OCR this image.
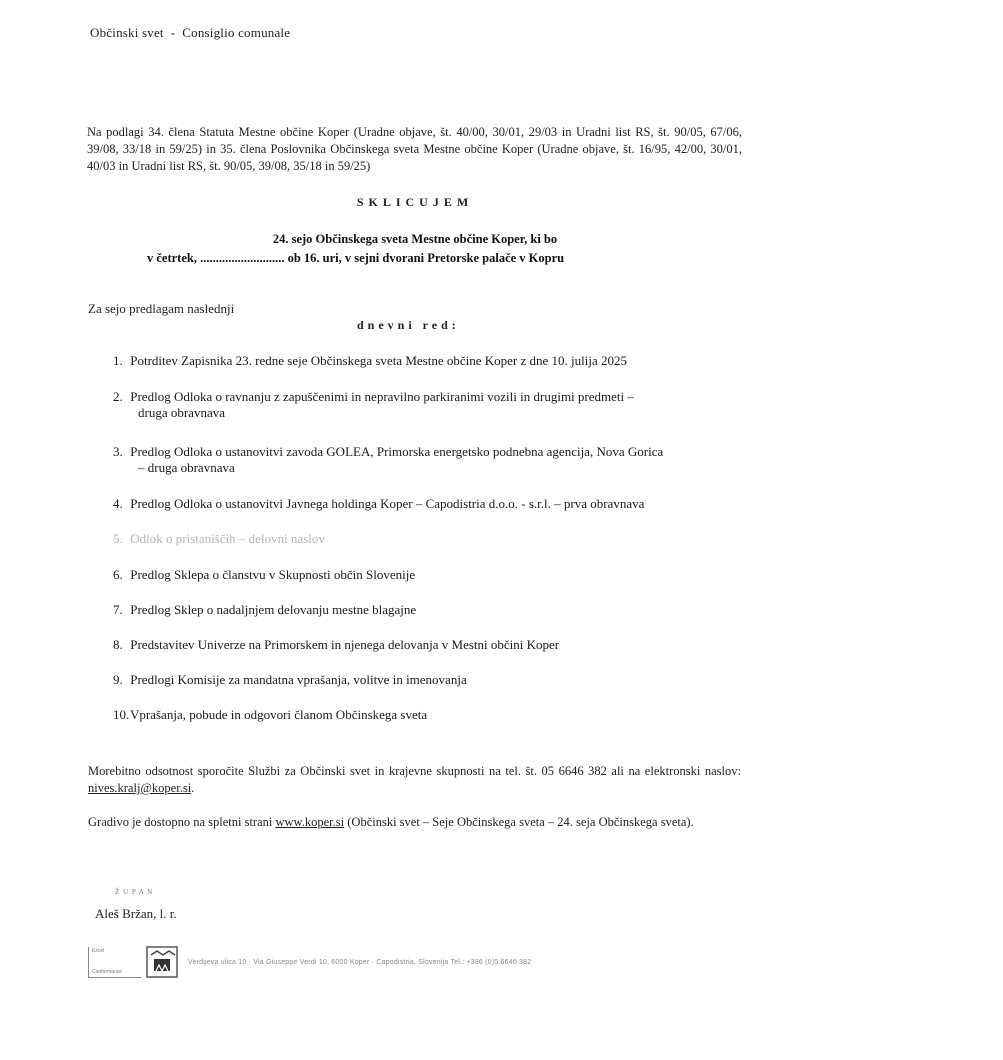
Občinski svet - Consiglio comunale
Na podlagi 34. člena Statuta Mestne občine Koper (Uradne objave, št. 40/00, 30/01, 29/03 in Uradni list RS, št. 90/05, 67/06, 39/08, 33/18 in 59/25) in 35. člena Poslovnika Občinskega sveta Mestne občine Koper (Uradne objave, št. 16/95, 42/00, 30/01, 40/03 in Uradni list RS, št. 90/05, 39/08, 35/18 in 59/25)
SKLICUJEM
24. sejo Občinskega sveta Mestne občine Koper, ki bo
v četrtek, ........................... ob 16. uri, v sejni dvorani Pretorske palače v Kopru
Za sejo predlagam naslednji
dnevni red:
1. Potrditev Zapisnika 23. redne seje Občinskega sveta Mestne občine Koper z dne 10. julija 2025
2. Predlog Odloka o ravnanju z zapuščenimi in nepravilno parkiranimi vozili in drugimi predmeti –
druga obravnava
3. Predlog Odloka o ustanovitvi zavoda GOLEA, Primorska energetsko podnebna agencija, Nova Gorica
– druga obravnava
4. Predlog Odloka o ustanovitvi Javnega holdinga Koper – Capodistria d.o.o. - s.r.l. – prva obravnava
5. Odlok o pristaniščih – delovni naslov
6. Predlog Sklepa o članstvu v Skupnosti občin Slovenije
7. Predlog Sklep o nadaljnjem delovanju mestne blagajne
8. Predstavitev Univerze na Primorskem in njenega delovanja v Mestni občini Koper
9. Predlogi Komisije za mandatna vprašanja, volitve in imenovanja
10. Vprašanja, pobude in odgovori članom Občinskega sveta
Morebitno odsotnost sporočite Službi za Občinski svet in krajevne skupnosti na tel. št. 05 6646 382 ali na elektronski naslov: nives.kralj@koper.si.
Gradivo je dostopno na spletni strani www.koper.si (Občinski svet – Seje Občinskega sveta – 24. seja Občinskega sveta).
Ž U P A N
Aleš Bržan, l. r.
Excel
Conformance
Verdijeva ulica 10 · Via Giuseppe Verdi 10, 6000 Koper · Capodistria, Slovenija Tel.: +386 (0)5 6646 382
